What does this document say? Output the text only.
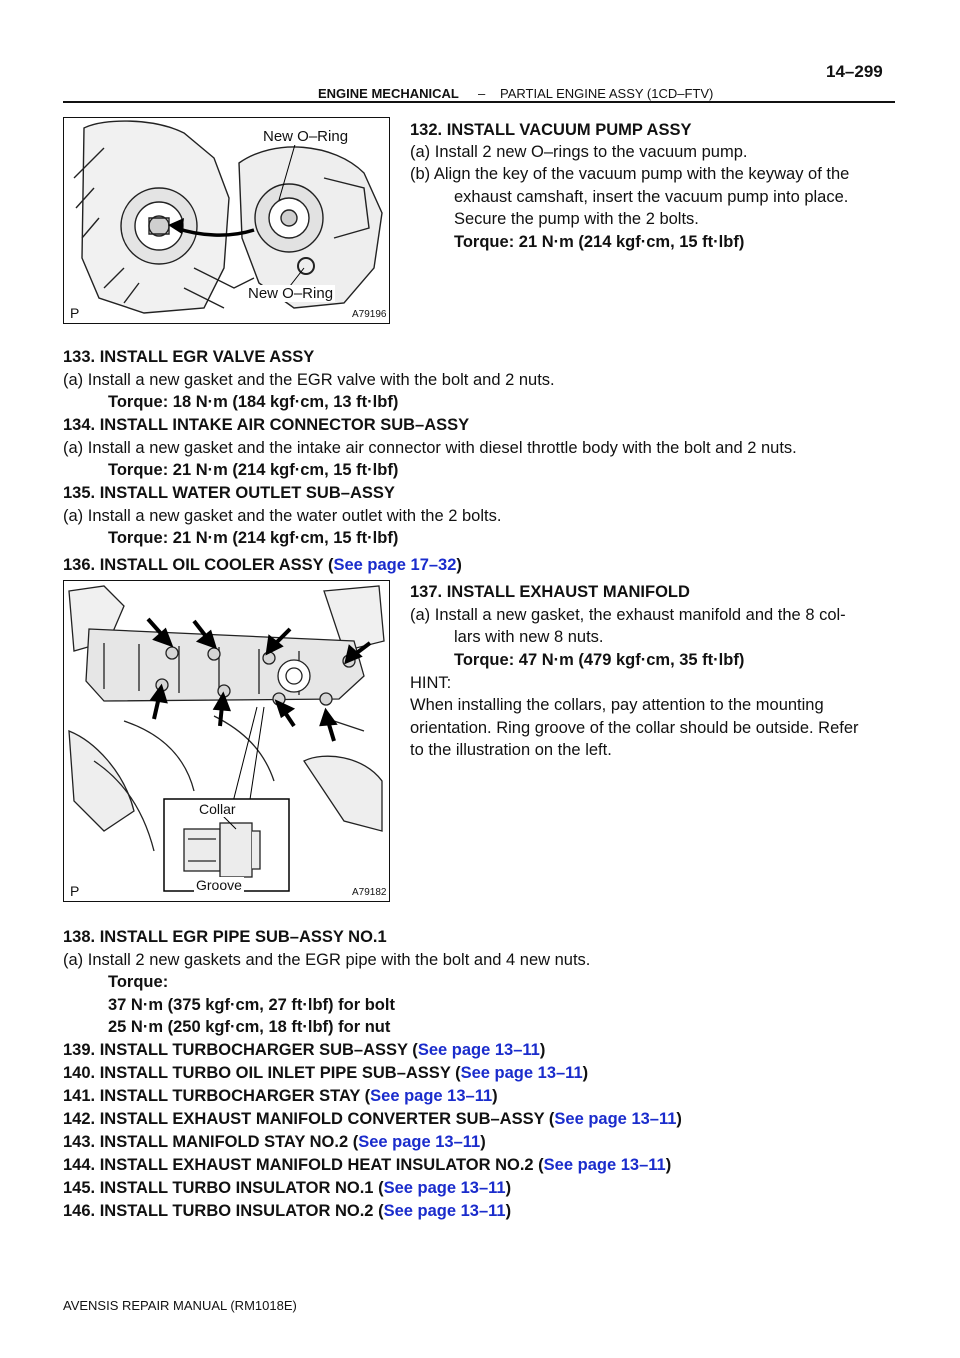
ENGINE MECHANICAL – PARTIAL ENGINE ASSY (1CD–FTV)
14–299
New O–Ring
New O–Ring
P	A79196
132. INSTALL VACUUM PUMP ASSY
(a) Install 2 new O–rings to the vacuum pump.
(b) Align the key of the vacuum pump with the keyway of the
exhaust camshaft, insert the vacuum pump into place.
Secure the pump with the 2 bolts.
Torque: 21 N·m (214 kgf·cm, 15 ft·lbf)
133. INSTALL EGR VALVE ASSY
(a) Install a new gasket and the EGR valve with the bolt and 2 nuts.
Torque: 18 N·m (184 kgf·cm, 13 ft·lbf)
134. INSTALL INTAKE AIR CONNECTOR SUB–ASSY
(a) Install a new gasket and the intake air connector with diesel throttle body with the bolt and 2 nuts.
Torque: 21 N·m (214 kgf·cm, 15 ft·lbf)
135. INSTALL WATER OUTLET SUB–ASSY
(a) Install a new gasket and the water outlet with the 2 bolts.
Torque: 21 N·m (214 kgf·cm, 15 ft·lbf)
136. INSTALL OIL COOLER ASSY (See page 17–32)
Collar
Groove
P	A79182
137. INSTALL EXHAUST MANIFOLD
(a) Install a new gasket, the exhaust manifold and the 8 col-
lars with new 8 nuts.
Torque: 47 N·m (479 kgf·cm, 35 ft·lbf)
HINT:
When installing the collars, pay attention to the mounting
orientation. Ring groove of the collar should be outside. Refer
to the illustration on the left.
138. INSTALL EGR PIPE SUB–ASSY NO.1
(a) Install 2 new gaskets and the EGR pipe with the bolt and 4 new nuts.
Torque:
37 N·m (375 kgf·cm, 27 ft·lbf) for bolt
25 N·m (250 kgf·cm, 18 ft·lbf) for nut
139. INSTALL TURBOCHARGER SUB–ASSY (See page 13–11)
140. INSTALL TURBO OIL INLET PIPE SUB–ASSY (See page 13–11)
141. INSTALL TURBOCHARGER STAY (See page 13–11)
142. INSTALL EXHAUST MANIFOLD CONVERTER SUB–ASSY (See page 13–11)
143. INSTALL MANIFOLD STAY NO.2 (See page 13–11)
144. INSTALL EXHAUST MANIFOLD HEAT INSULATOR NO.2 (See page 13–11)
145. INSTALL TURBO INSULATOR NO.1 (See page 13–11)
146. INSTALL TURBO INSULATOR NO.2 (See page 13–11)
AVENSIS REPAIR MANUAL (RM1018E)
